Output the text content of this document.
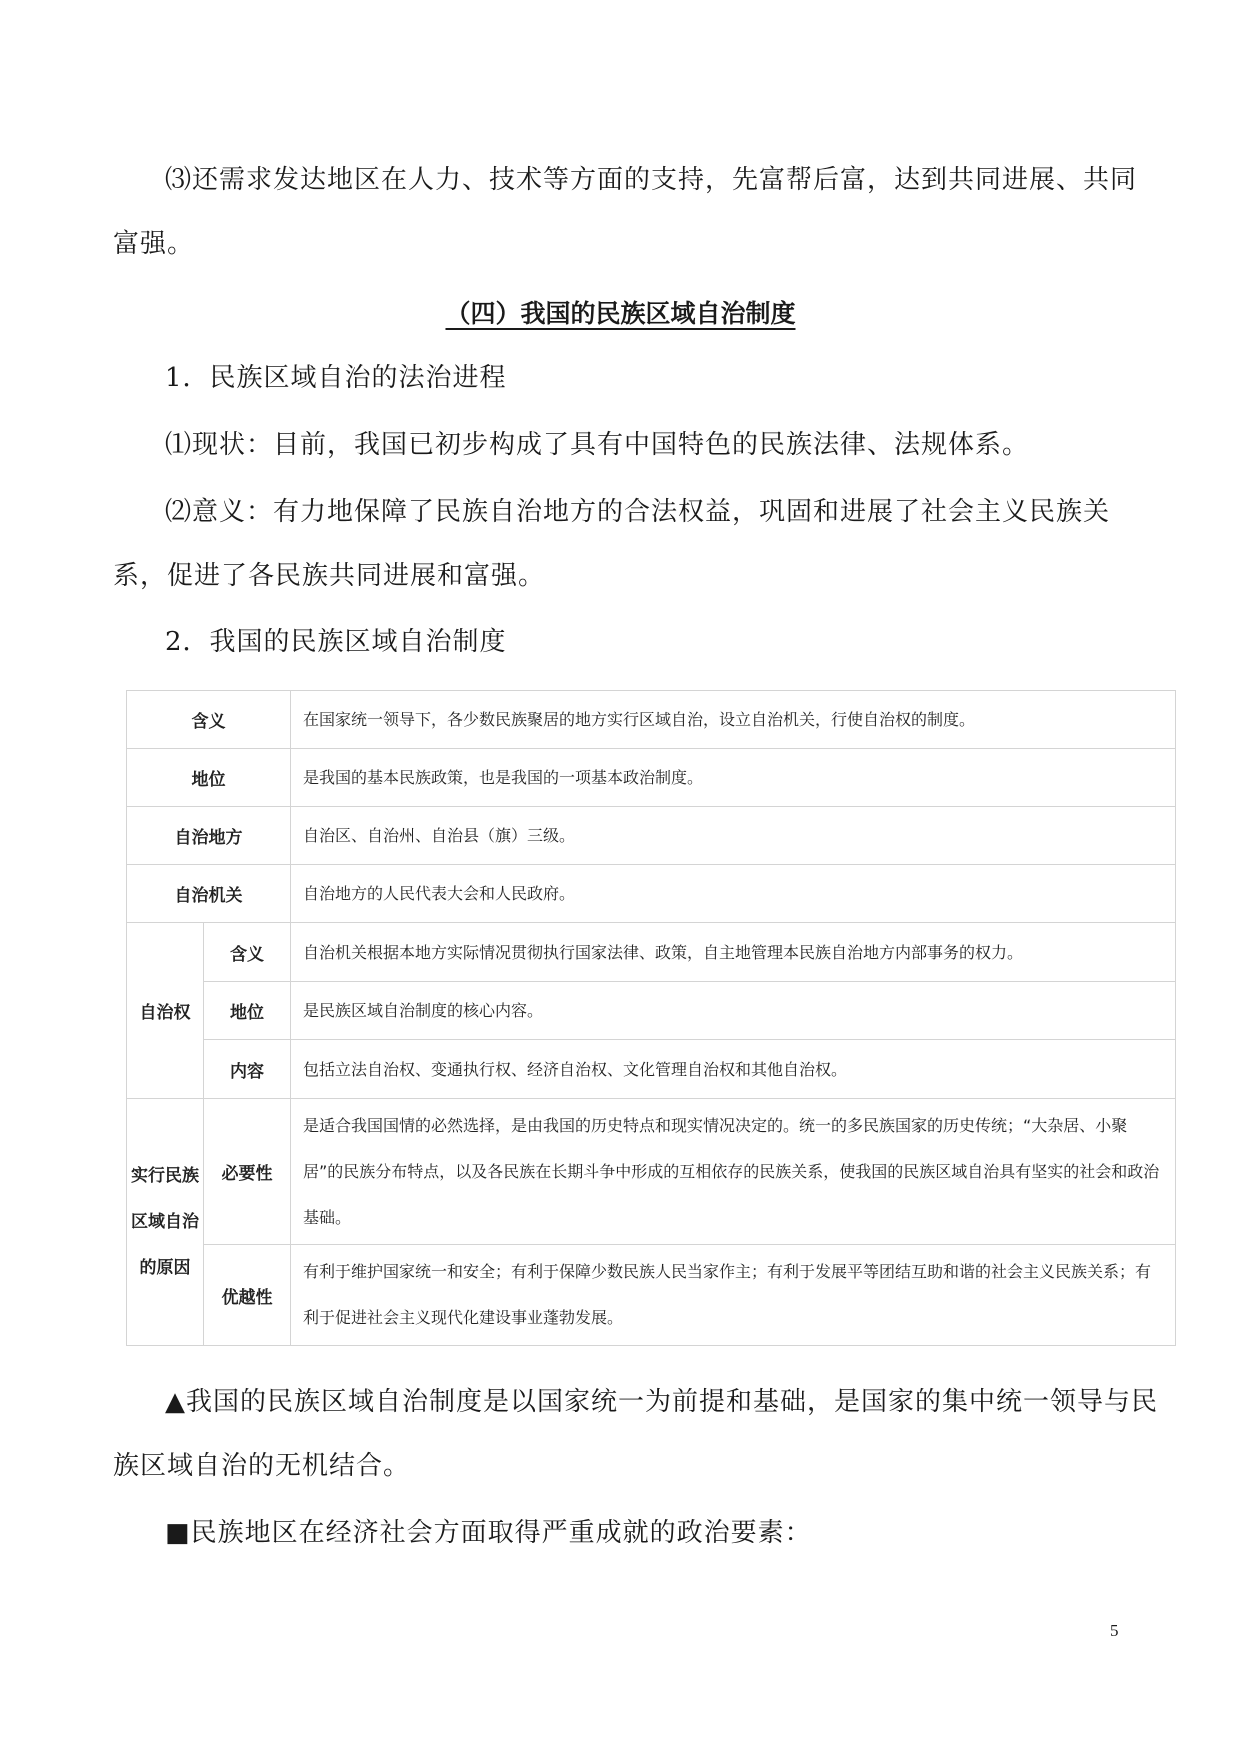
⑶还需求发达地区在人力、技术等方面的支持，先富帮后富，达到共同进展、共同富强。

（四）我国的民族区域自治制度

1．民族区域自治的法治进程

⑴现状：目前，我国已初步构成了具有中国特色的民族法律、法规体系。

⑵意义：有力地保障了民族自治地方的合法权益，巩固和进展了社会主义民族关系，促进了各民族共同进展和富强。

2．我国的民族区域自治制度

含义		在国家统一领导下，各少数民族聚居的地方实行区域自治，设立自治机关，行使自治权的制度。
地位		是我国的基本民族政策，也是我国的一项基本政治制度。
自治地方		自治区、自治州、自治县（旗）三级。
自治机关		自治地方的人民代表大会和人民政府。
自治权	含义	自治机关根据本地方实际情况贯彻执行国家法律、政策，自主地管理本民族自治地方内部事务的权力。
	地位	是民族区域自治制度的核心内容。
	内容	包括立法自治权、变通执行权、经济自治权、文化管理自治权和其他自治权。
实行民族区域自治的原因	必要性	是适合我国国情的必然选择，是由我国的历史特点和现实情况决定的。统一的多民族国家的历史传统；“大杂居、小聚居”的民族分布特点，以及各民族在长期斗争中形成的互相依存的民族关系，使我国的民族区域自治具有坚实的社会和政治基础。
	优越性	有利于维护国家统一和安全；有利于保障少数民族人民当家作主；有利于发展平等团结互助和谐的社会主义民族关系；有利于促进社会主义现代化建设事业蓬勃发展。

▲我国的民族区域自治制度是以国家统一为前提和基础，是国家的集中统一领导与民族区域自治的无机结合。

■民族地区在经济社会方面取得严重成就的政治要素：

5
